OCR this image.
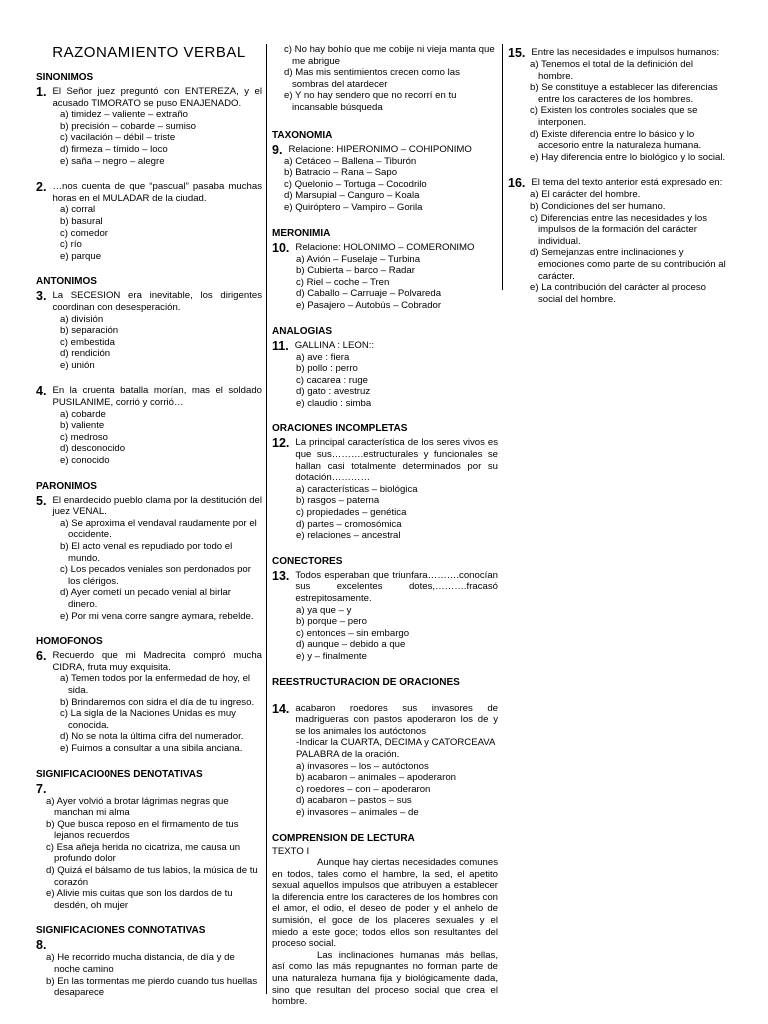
RAZONAMIENTO VERBAL
SINONIMOS
1. El Señor juez preguntó con ENTEREZA, y el acusado TIMORATO se puso ENAJENADO.
a) timidez – valiente – extraño
b) precisión – cobarde – sumiso
c) vacilación – débil – triste
d) firmeza – tímido – loco
e) saña – negro – alegre
2. …nos cuenta de que “pascual” pasaba muchas horas en el MULADAR de la ciudad.
a) corral
b) basural
c) comedor
c) río
e) parque
ANTONIMOS
3. La SECESION era inevitable, los dirigentes coordinan con desesperación.
a) división
b) separación
c) embestida
d) rendición
e) unión
4. En la cruenta batalla morían, mas el soldado PUSILANIME, corrió y corrió…
a) cobarde
b) valiente
c) medroso
d) desconocido
e) conocido
PARONIMOS
5. El enardecido pueblo clama por la destitución del juez VENAL.
a) Se aproxima el vendaval raudamente por el occidente.
b) El acto venal es repudiado por todo el mundo.
c) Los pecados veniales son perdonados por los clérigos.
d) Ayer cometí un pecado venial al birlar dinero.
e) Por mi vena corre sangre aymara, rebelde.
HOMOFONOS
6. Recuerdo que mi Madrecita compró mucha CIDRA, fruta muy exquisita.
a) Temen todos por la enfermedad de hoy, el sida.
b) Brindaremos con sidra el día de tu ingreso.
c) La sigla de la Naciones Unidas es muy conocida.
d) No se nota la última cifra del numerador.
e) Fuimos a consultar a una sibila anciana.
SIGNIFICACIO0NES DENOTATIVAS
7.
a) Ayer volvió a brotar lágrimas negras que manchan mi alma
b) Que busca reposo en el firmamento de tus lejanos recuerdos
c) Esa añeja herida no cicatriza, me causa un profundo dolor
d) Quizá el bálsamo de tus labios, la música de tu corazón
e) Alivie mis cuitas que son los dardos de tu desdén, oh mujer
SIGNIFICACIONES CONNOTATIVAS
8.
a) He recorrido mucha distancia, de día y de noche camino
b) En las tormentas me pierdo cuando tus huellas desaparece
c) No hay bohío que me cobije ni vieja manta que me abrigue
d) Mas mis sentimientos crecen como las sombras del atardecer
e) Y no hay sendero que no recorrí en tu incansable búsqueda
TAXONOMIA
9. Relacione: HIPERONIMO – COHIPONIMO
a) Cetáceo – Ballena – Tiburón
b) Batracio – Rana – Sapo
c) Quelonio – Tortuga – Cocodrilo
d) Marsupial – Canguro – Koala
e) Quiróptero – Vampiro – Gorila
MERONIMIA
10. Relacione: HOLONIMO – COMERONIMO
a) Avión – Fuselaje – Turbina
b) Cubierta – barco – Radar
c) Riel – coche – Tren
d) Caballo – Carruaje – Polvareda
e) Pasajero – Autobús – Cobrador
ANALOGIAS
11. GALLINA : LEON::
a) ave : fiera
b) pollo : perro
c) cacarea : ruge
d) gato : avestruz
e) claudio : simba
ORACIONES INCOMPLETAS
12. La principal característica de los seres vivos es que sus……….estructurales y funcionales se hallan casi totalmente determinados por su dotación…………
a) características – biológica
b) rasgos – paterna
c) propiedades – genética
d) partes – cromosómica
e) relaciones – ancestral
CONECTORES
13. Todos esperaban que triunfara……….conocían sus excelentes dotes,……….fracasó estrepitosamente.
a) ya que – y
b) porque – pero
c) entonces – sin embargo
d) aunque – debido a que
e) y – finalmente
REESTRUCTURACION DE ORACIONES
14. acabaron roedores sus invasores de madrigueras con pastos apoderaron los de y se los animales los autóctonos
-Indicar la CUARTA, DECIMA y CATORCEAVA PALABRA de la oración.
a) invasores – los – autóctonos
b) acabaron – animales – apoderaron
c) roedores – con – apoderaron
d) acabaron – pastos – sus
e) invasores – animales – de
COMPRENSION DE LECTURA
TEXTO I

Aunque hay ciertas necesidades comunes en todos, tales como el hambre, la sed, el apetito sexual aquellos impulsos que atribuyen a establecer la diferencia entre los caracteres de los hombres con el amor, el odio, el deseo de poder y el anhelo de sumisión, el goce de los placeres sexuales y el miedo a este goce; todos ellos son resultantes del proceso social.

Las inclinaciones humanas más bellas, así como las más repugnantes no forman parte de una naturaleza humana fija y biológicamente dada, sino que resultan del proceso social que crea el hombre.

15. Entre las necesidades e impulsos humanos:
a) Tenemos el total de la definición del hombre.
b) Se constituye a establecer las diferencias entre los caracteres de los hombres.
c) Existen los controles sociales que se interponen.
d) Existe diferencia entre lo básico y lo accesorio entre la naturaleza humana.
e) Hay diferencia entre lo biológico y lo social.
16. El tema del texto anterior está expresado en:
a) El carácter del hombre.
b) Condiciones del ser humano.
c) Diferencias entre las necesidades y los impulsos de la formación del carácter individual.
d) Semejanzas entre inclinaciones y emociones como parte de su contribución al carácter.
e) La contribución del carácter al proceso social del hombre.
